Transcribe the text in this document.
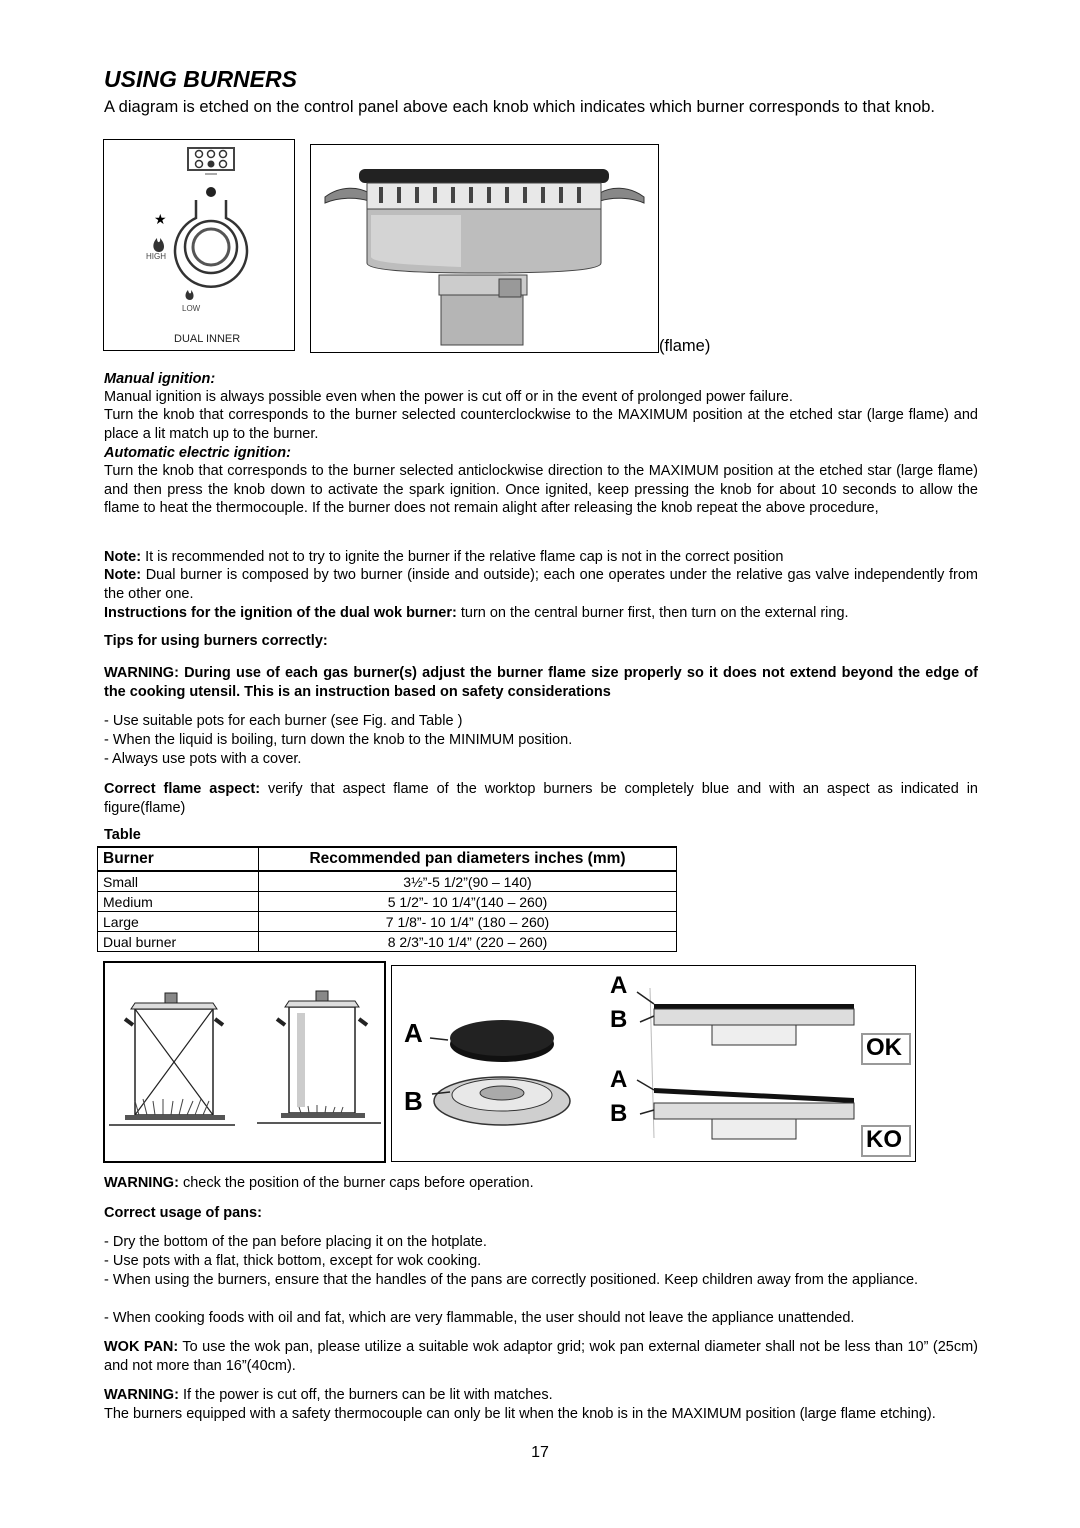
USING BURNERS
A diagram is etched on the control panel above each knob which indicates which burner corresponds to that knob.
★
HIGH
LOW
DUAL INNER	(flame)
Manual ignition:
Manual ignition is always possible even when the power is cut off or in the event of prolonged power failure.
Turn the knob that corresponds to the burner selected counterclockwise to the MAXIMUM position at the etched star (large flame) and place a lit match up to the burner.
Automatic electric ignition:
Turn the knob that corresponds to the burner selected anticlockwise direction to the MAXIMUM position at the etched star (large flame) and then press the knob down to activate the spark ignition. Once ignited, keep pressing the knob for about 10 seconds to allow the flame to heat the thermocouple. If the burner does not remain alight after releasing the knob repeat the above procedure,
Note: It is recommended not to try to ignite the burner if the relative flame cap is not in the correct position
Note: Dual burner is composed by two burner (inside and outside); each one operates under the relative gas valve independently from the other one.
Instructions for the ignition of the dual wok burner: turn on the central burner first, then turn on the external ring.
Tips for using burners correctly:
WARNING: During use of each gas burner(s) adjust the burner flame size properly so it does not extend beyond the edge of the cooking utensil. This is an instruction based on safety considerations
- Use suitable pots for each burner (see Fig. and Table )
- When the liquid is boiling, turn down the knob to the MINIMUM position.
- Always use pots with a cover.
Correct flame aspect: verify that aspect flame of the worktop burners be completely blue and with an aspect as indicated in figure(flame)
Table
Burner	Recommended pan diameters inches (mm)
Small	3½”-5 1/2”(90 – 140)
Medium	5 1/2”- 10 1/4”(140 – 260)
Large	7 1/8”- 10 1/4” (180 – 260)
Dual burner	8 2/3”-10 1/4” (220 – 260)
A
B
A
B
A
B
OK
KO
WARNING: check the position of the burner caps before operation.
Correct usage of pans:
- Dry the bottom of the pan before placing it on the hotplate.
- Use pots with a flat, thick bottom, except for wok cooking.
- When using the burners, ensure that the handles of the pans are correctly positioned. Keep children away from the appliance.
- When cooking foods with oil and fat, which are very flammable, the user should not leave the appliance unattended.
WOK PAN: To use the wok pan, please utilize a suitable wok adaptor grid; wok pan external diameter shall not be less than 10” (25cm) and not more than 16”(40cm).
WARNING: If the power is cut off, the burners can be lit with matches.
The burners equipped with a safety thermocouple can only be lit when the knob is in the MAXIMUM position (large flame etching).
17
